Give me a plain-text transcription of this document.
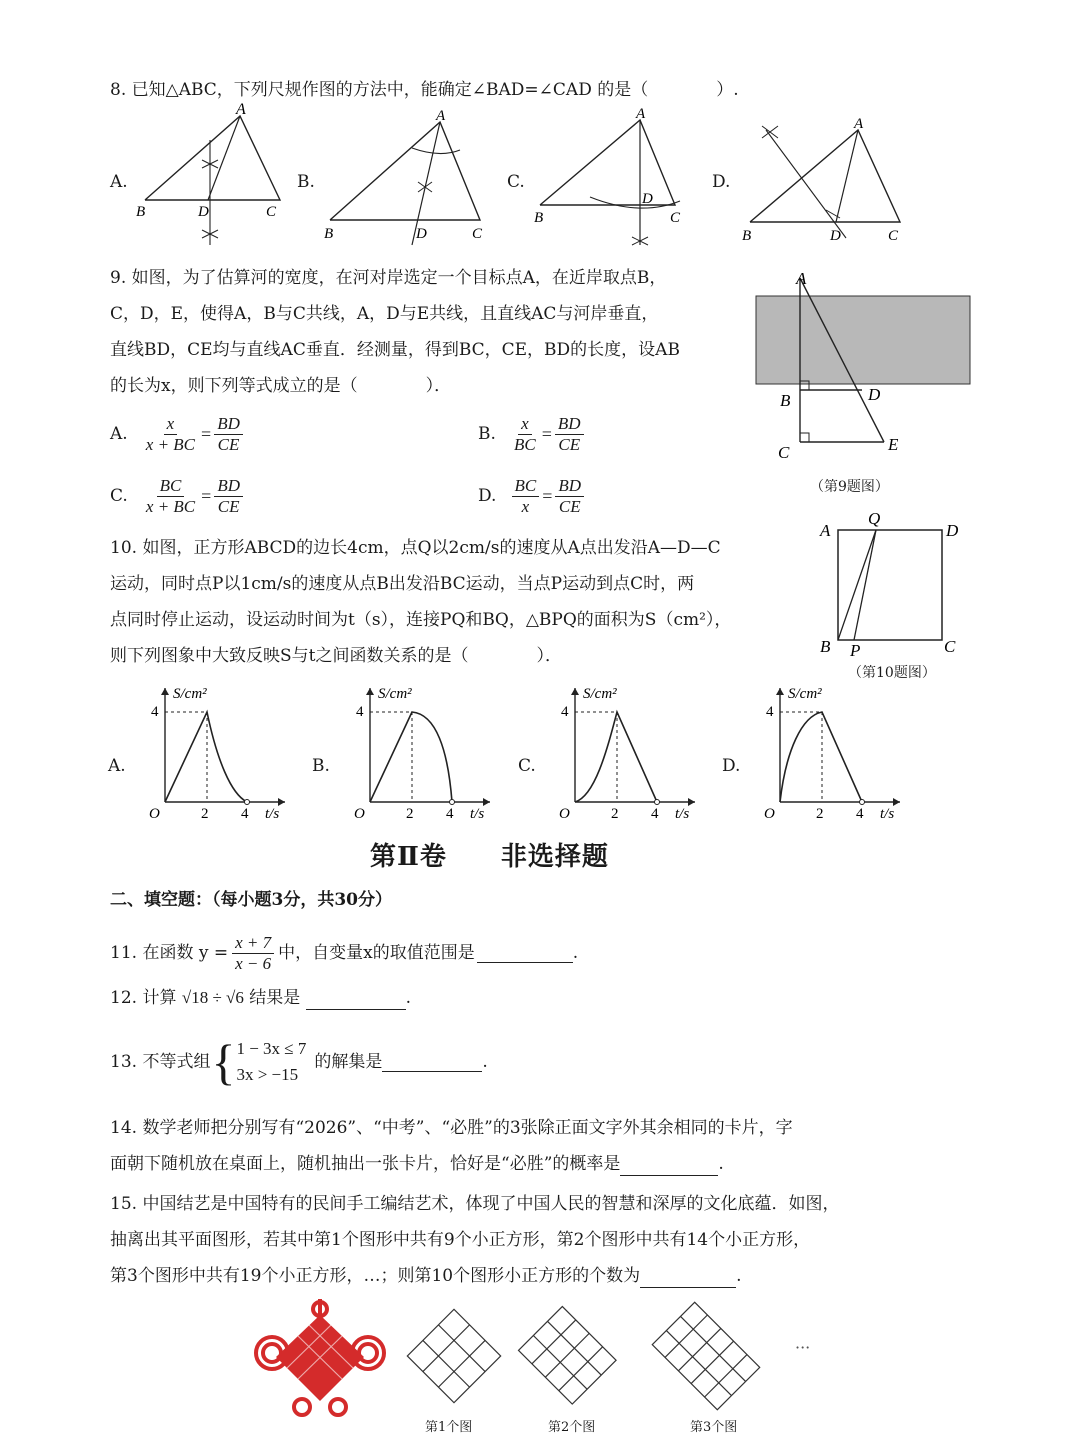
8. 已知△ABC，下列尺规作图的方法中，能确定∠BAD=∠CAD 的是（　　　　）.
A.
A
B	D	C
B.
A
B	D	C
C.
A
B
D
C
D.
A
B	D	C
9. 如图，为了估算河的宽度，在河对岸选定一个目标点A，在近岸取点B，
C，D，E，使得A，B与C共线，A，D与E共线，且直线AC与河岸垂直，
直线BD，CE均与直线AC垂直．经测量，得到BC，CE，BD的长度，设AB
的长为x，则下列等式成立的是（　　　　）．
A. $\frac{x}{x + BC} = \frac{BD}{CE}$	B. $\frac{x}{BC} = \frac{BD}{CE}$
C. $\frac{BC}{x + BC} = \frac{BD}{CE}$	D. $\frac{BC}{x} = \frac{BD}{CE}$
A
B	D
C	E
（第9题图）
10. 如图，正方形ABCD的边长4cm，点Q以2cm/s的速度从A点出发沿A—D—C
运动，同时点P以1cm/s的速度从点B出发沿BC运动，当点P运动到点C时，两
点同时停止运动，设运动时间为t（s），连接PQ和BQ，△BPQ的面积为S（cm²），
则下列图象中大致反映S与t之间函数关系的是（　　　　）．
A
Q
D
B P	C
（第10题图）
A.
S/cm²
4
O	2 4 t/s
B.
S/cm²
4
O	2 4 t/s
C.
S/cm²
4
O	2 4 t/s
D.
S/cm²
4
O	2 4 t/s
第Ⅱ卷　　非选择题
二、填空题：（每小题3分，共30分）
11. 在函数 $y = \frac{x + 7}{x - 6}$ 中，自变量x的取值范围是	.
12. 计算 √18 ÷ √6 结果是	.
13. 不等式组 { 1 − 3x ≤ 7
3x > −15
的解集是	.
14. 数学老师把分别写有“2026”、“中考”、“必胜”的3张除正面文字外其余相同的卡片，字
面朝下随机放在桌面上，随机抽出一张卡片，恰好是“必胜”的概率是	.
15. 中国结艺是中国特有的民间手工编结艺术，体现了中国人民的智慧和深厚的文化底蕴．如图，
抽离出其平面图形，若其中第1个图形中共有9个小正方形，第2个图形中共有14个小正方形，
第3个图形中共有19个小正方形，…；则第10个图形小正方形的个数为	.
第1个图	第2个图	第3个图
···
